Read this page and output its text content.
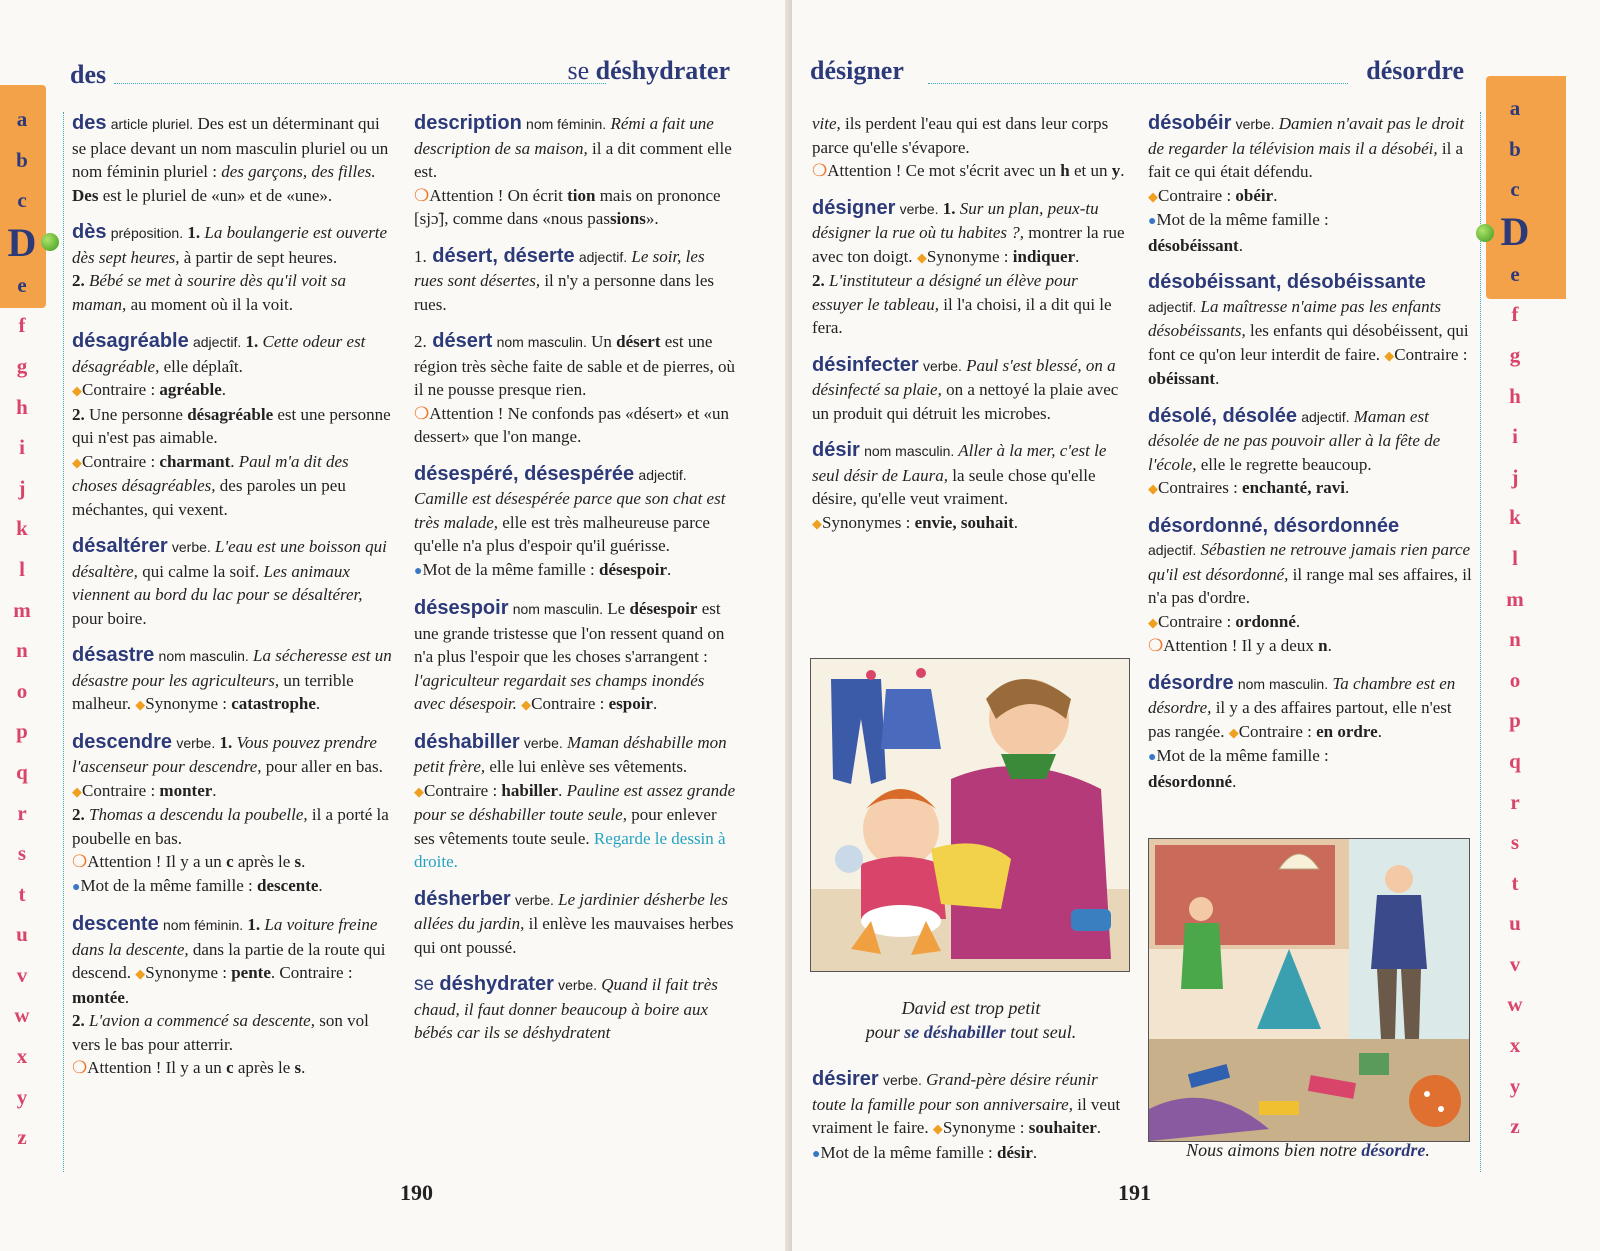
des	se déshydrater
a
b
c
D
e
f
g
h
i
j
k
l
m
n
o
p
q
r
s
t
u
v
w
x
y
z

des article pluriel. Des est un déterminant qui se place devant un nom masculin pluriel ou un nom féminin pluriel : des garçons, des filles.
Des est le pluriel de «un» et de «une».

dès préposition. 1. La boulangerie est ouverte dès sept heures, à partir de sept heures.
2. Bébé se met à sourire dès qu'il voit sa maman, au moment où il la voit.

désagréable adjectif. 1. Cette odeur est désagréable, elle déplaît.
◆Contraire : agréable.
2. Une personne désagréable est une personne qui n'est pas aimable.
◆Contraire : charmant. Paul m'a dit des choses désagréables, des paroles un peu méchantes, qui vexent.

désaltérer verbe. L'eau est une boisson qui désaltère, qui calme la soif. Les animaux viennent au bord du lac pour se désaltérer, pour boire.

désastre nom masculin. La sécheresse est un désastre pour les agriculteurs, un terrible malheur. ◆Synonyme : catastrophe.

descendre verbe. 1. Vous pouvez prendre l'ascenseur pour descendre, pour aller en bas. ◆Contraire : monter.
2. Thomas a descendu la poubelle, il a porté la poubelle en bas.
❍Attention ! Il y a un c après le s.
●Mot de la même famille : descente.

descente nom féminin. 1. La voiture freine dans la descente, dans la partie de la route qui descend. ◆Synonyme : pente. Contraire : montée.
2. L'avion a commencé sa descente, son vol vers le bas pour atterrir.
❍Attention ! Il y a un c après le s.

description nom féminin. Rémi a fait une description de sa maison, il a dit comment elle est.
❍Attention ! On écrit tion mais on prononce [sjɔ̃], comme dans «nous passions».

1. désert, déserte adjectif. Le soir, les rues sont désertes, il n'y a personne dans les rues.

2. désert nom masculin. Un désert est une région très sèche faite de sable et de pierres, où il ne pousse presque rien.
❍Attention ! Ne confonds pas «désert» et «un dessert» que l'on mange.

désespéré, désespérée adjectif.
Camille est désespérée parce que son chat est très malade, elle est très malheureuse parce qu'elle n'a plus d'espoir qu'il guérisse.
●Mot de la même famille : désespoir.

désespoir nom masculin. Le désespoir est une grande tristesse que l'on ressent quand on n'a plus l'espoir que les choses s'arrangent : l'agriculteur regardait ses champs inondés avec désespoir. ◆Contraire : espoir.

déshabiller verbe. Maman déshabille mon petit frère, elle lui enlève ses vêtements. ◆Contraire : habiller. Pauline est assez grande pour se déshabiller toute seule, pour enlever ses vêtements toute seule. Regarde le dessin à droite.

désherber verbe. Le jardinier désherbe les allées du jardin, il enlève les mauvaises herbes qui ont poussé.

se déshydrater verbe. Quand il fait très chaud, il faut donner beaucoup à boire aux bébés car ils se déshydratent

190
désigner	désordre

vite, ils perdent l'eau qui est dans leur corps parce qu'elle s'évapore.
❍Attention ! Ce mot s'écrit avec un h et un y.

désigner verbe. 1. Sur un plan, peux-tu désigner la rue où tu habites ?, montrer la rue avec ton doigt. ◆Synonyme : indiquer.
2. L'instituteur a désigné un élève pour essuyer le tableau, il l'a choisi, il a dit qui le fera.

désinfecter verbe. Paul s'est blessé, on a désinfecté sa plaie, on a nettoyé la plaie avec un produit qui détruit les microbes.

désir nom masculin. Aller à la mer, c'est le seul désir de Laura, la seule chose qu'elle désire, qu'elle veut vraiment.
◆Synonymes : envie, souhait.

David est trop petit
pour se déshabiller tout seul.

désirer verbe. Grand-père désire réunir toute la famille pour son anniversaire, il veut vraiment le faire. ◆Synonyme : souhaiter.
●Mot de la même famille : désir.

désobéir verbe. Damien n'avait pas le droit de regarder la télévision mais il a désobéi, il a fait ce qui était défendu.
◆Contraire : obéir.
●Mot de la même famille :
désobéissant.

désobéissant, désobéissante
adjectif. La maîtresse n'aime pas les enfants désobéissants, les enfants qui désobéissent, qui font ce qu'on leur interdit de faire. ◆Contraire : obéissant.

désolé, désolée adjectif. Maman est désolée de ne pas pouvoir aller à la fête de l'école, elle le regrette beaucoup.
◆Contraires : enchanté, ravi.

désordonné, désordonnée
adjectif. Sébastien ne retrouve jamais rien parce qu'il est désordonné, il range mal ses affaires, il n'a pas d'ordre.
◆Contraire : ordonné.
❍Attention ! Il y a deux n.

désordre nom masculin. Ta chambre est en désordre, il y a des affaires partout, elle n'est pas rangée. ◆Contraire : en ordre.
●Mot de la même famille :
désordonné.

Nous aimons bien notre désordre.
a
b
c
D
e
f
g
h
i
j
k
l
m
n
o
p
q
r
s
t
u
v
w
x
y
z
191
